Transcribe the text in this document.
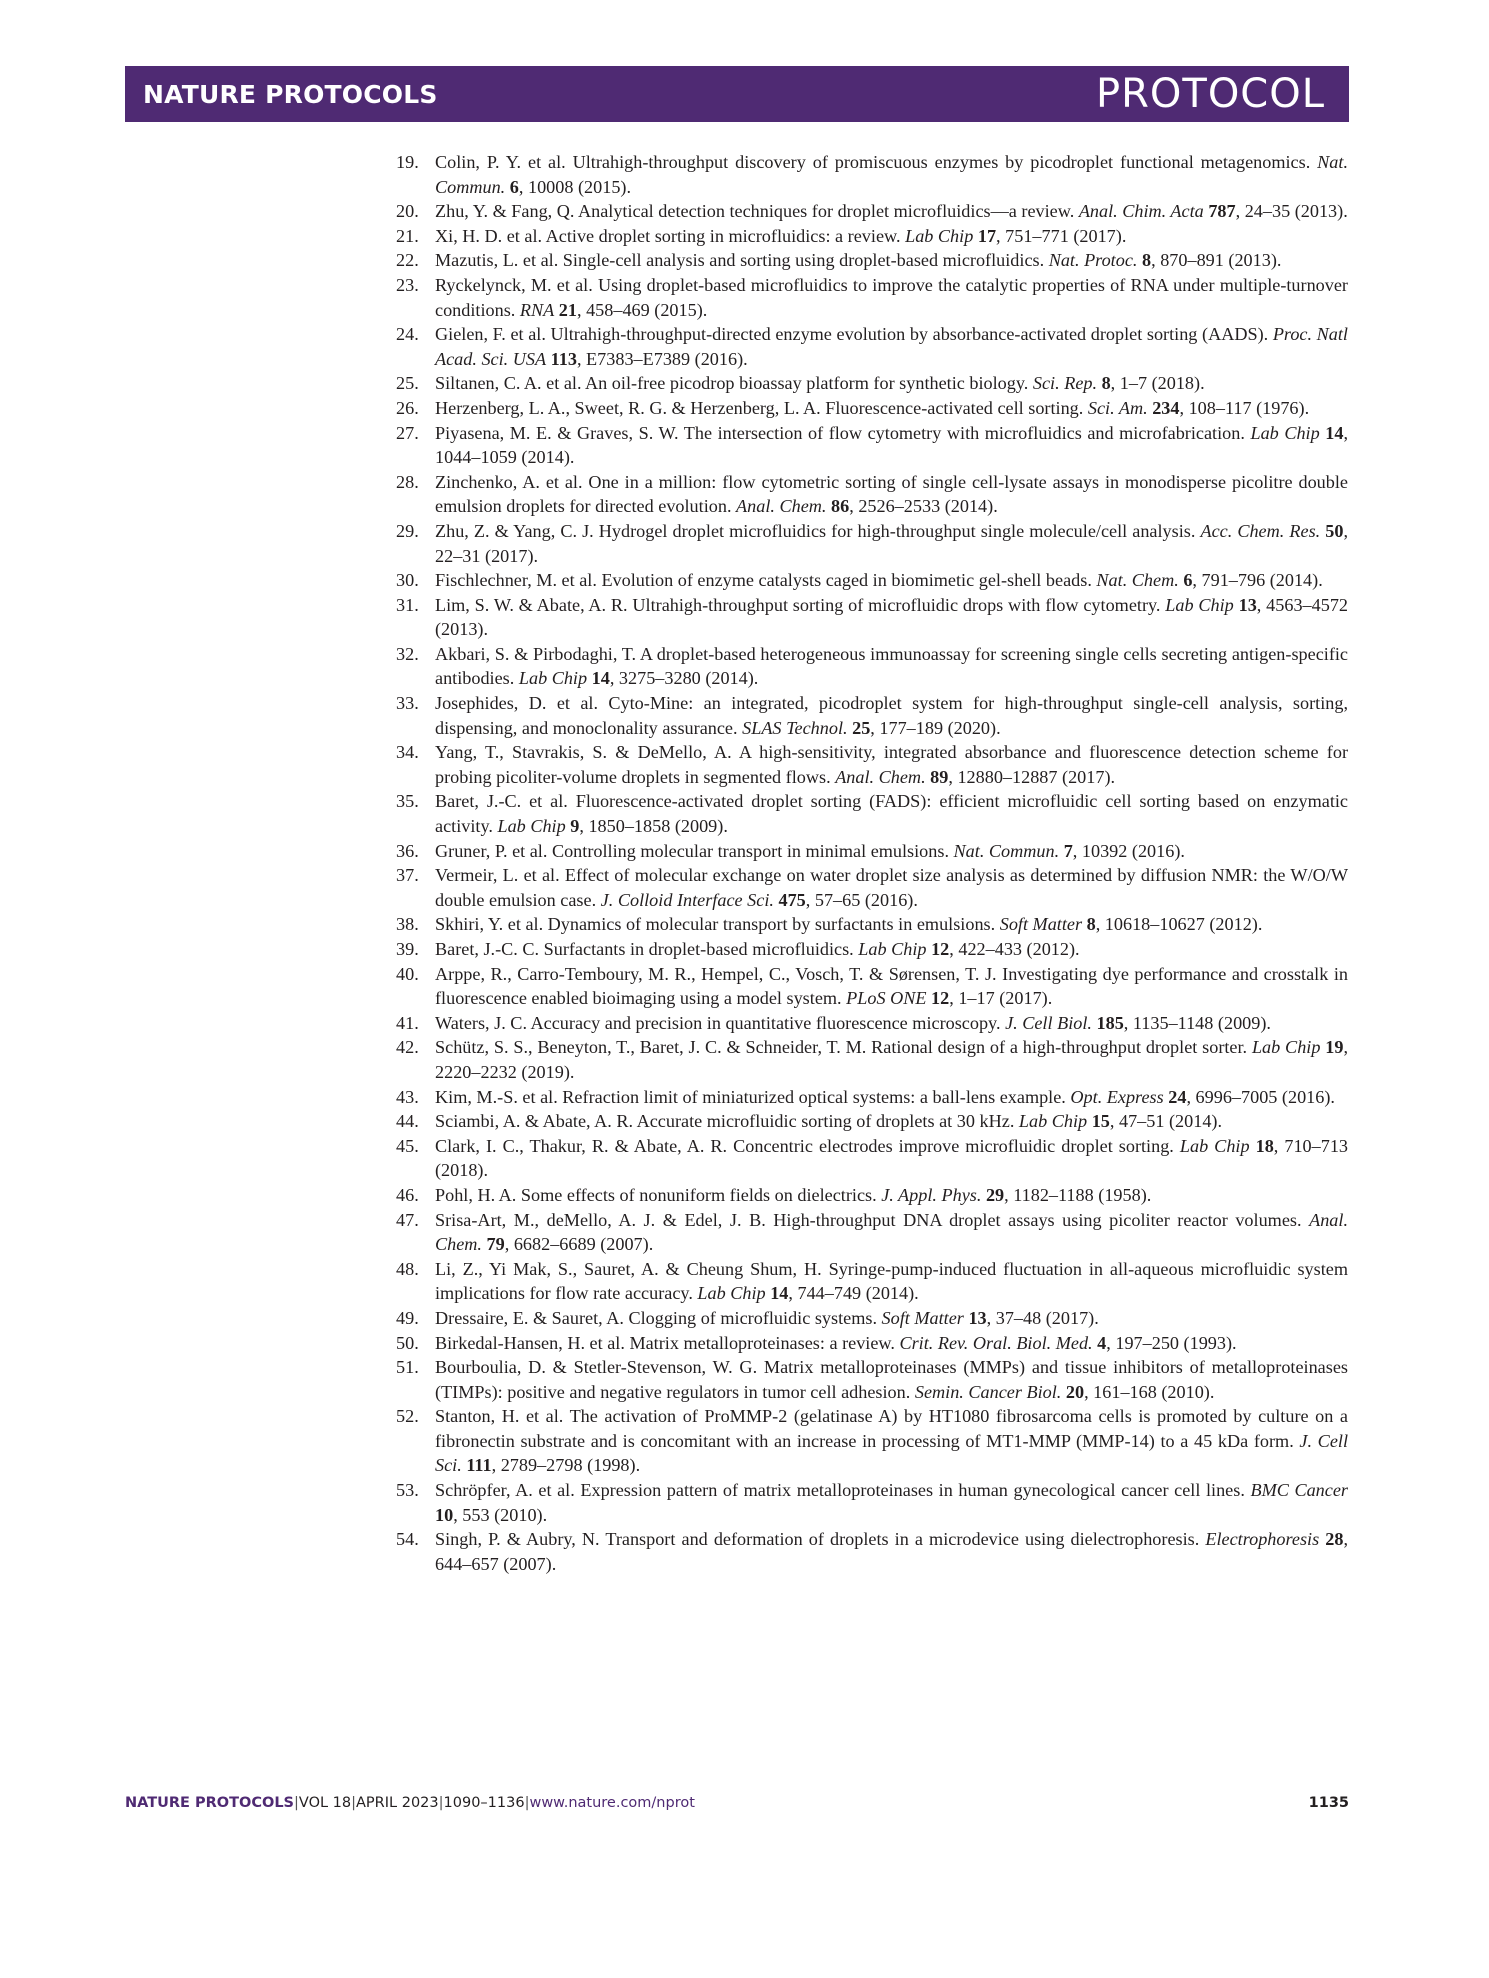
NATURE PROTOCOLS	PROTOCOL
19. Colin, P. Y. et al. Ultrahigh-throughput discovery of promiscuous enzymes by picodroplet functional metagenomics. Nat. Commun. 6, 10008 (2015).
20. Zhu, Y. & Fang, Q. Analytical detection techniques for droplet microfluidics—a review. Anal. Chim. Acta 787, 24–35 (2013).
21. Xi, H. D. et al. Active droplet sorting in microfluidics: a review. Lab Chip 17, 751–771 (2017).
22. Mazutis, L. et al. Single-cell analysis and sorting using droplet-based microfluidics. Nat. Protoc. 8, 870–891 (2013).
23. Ryckelynck, M. et al. Using droplet-based microfluidics to improve the catalytic properties of RNA under multiple-turnover conditions. RNA 21, 458–469 (2015).
24. Gielen, F. et al. Ultrahigh-throughput-directed enzyme evolution by absorbance-activated droplet sorting (AADS). Proc. Natl Acad. Sci. USA 113, E7383–E7389 (2016).
25. Siltanen, C. A. et al. An oil-free picodrop bioassay platform for synthetic biology. Sci. Rep. 8, 1–7 (2018).
26. Herzenberg, L. A., Sweet, R. G. & Herzenberg, L. A. Fluorescence-activated cell sorting. Sci. Am. 234, 108–117 (1976).
27. Piyasena, M. E. & Graves, S. W. The intersection of flow cytometry with microfluidics and microfabrication. Lab Chip 14, 1044–1059 (2014).
28. Zinchenko, A. et al. One in a million: flow cytometric sorting of single cell-lysate assays in monodisperse picolitre double emulsion droplets for directed evolution. Anal. Chem. 86, 2526–2533 (2014).
29. Zhu, Z. & Yang, C. J. Hydrogel droplet microfluidics for high-throughput single molecule/cell analysis. Acc. Chem. Res. 50, 22–31 (2017).
30. Fischlechner, M. et al. Evolution of enzyme catalysts caged in biomimetic gel-shell beads. Nat. Chem. 6, 791–796 (2014).
31. Lim, S. W. & Abate, A. R. Ultrahigh-throughput sorting of microfluidic drops with flow cytometry. Lab Chip 13, 4563–4572 (2013).
32. Akbari, S. & Pirbodaghi, T. A droplet-based heterogeneous immunoassay for screening single cells secreting antigen-specific antibodies. Lab Chip 14, 3275–3280 (2014).
33. Josephides, D. et al. Cyto-Mine: an integrated, picodroplet system for high-throughput single-cell analysis, sorting, dispensing, and monoclonality assurance. SLAS Technol. 25, 177–189 (2020).
34. Yang, T., Stavrakis, S. & DeMello, A. A high-sensitivity, integrated absorbance and fluorescence detection scheme for probing picoliter-volume droplets in segmented flows. Anal. Chem. 89, 12880–12887 (2017).
35. Baret, J.-C. et al. Fluorescence-activated droplet sorting (FADS): efficient microfluidic cell sorting based on enzymatic activity. Lab Chip 9, 1850–1858 (2009).
36. Gruner, P. et al. Controlling molecular transport in minimal emulsions. Nat. Commun. 7, 10392 (2016).
37. Vermeir, L. et al. Effect of molecular exchange on water droplet size analysis as determined by diffusion NMR: the W/O/W double emulsion case. J. Colloid Interface Sci. 475, 57–65 (2016).
38. Skhiri, Y. et al. Dynamics of molecular transport by surfactants in emulsions. Soft Matter 8, 10618–10627 (2012).
39. Baret, J.-C. C. Surfactants in droplet-based microfluidics. Lab Chip 12, 422–433 (2012).
40. Arppe, R., Carro-Temboury, M. R., Hempel, C., Vosch, T. & Sørensen, T. J. Investigating dye performance and crosstalk in fluorescence enabled bioimaging using a model system. PLoS ONE 12, 1–17 (2017).
41. Waters, J. C. Accuracy and precision in quantitative fluorescence microscopy. J. Cell Biol. 185, 1135–1148 (2009).
42. Schütz, S. S., Beneyton, T., Baret, J. C. & Schneider, T. M. Rational design of a high-throughput droplet sorter. Lab Chip 19, 2220–2232 (2019).
43. Kim, M.-S. et al. Refraction limit of miniaturized optical systems: a ball-lens example. Opt. Express 24, 6996–7005 (2016).
44. Sciambi, A. & Abate, A. R. Accurate microfluidic sorting of droplets at 30 kHz. Lab Chip 15, 47–51 (2014).
45. Clark, I. C., Thakur, R. & Abate, A. R. Concentric electrodes improve microfluidic droplet sorting. Lab Chip 18, 710–713 (2018).
46. Pohl, H. A. Some effects of nonuniform fields on dielectrics. J. Appl. Phys. 29, 1182–1188 (1958).
47. Srisa-Art, M., deMello, A. J. & Edel, J. B. High-throughput DNA droplet assays using picoliter reactor volumes. Anal. Chem. 79, 6682–6689 (2007).
48. Li, Z., Yi Mak, S., Sauret, A. & Cheung Shum, H. Syringe-pump-induced fluctuation in all-aqueous microfluidic system implications for flow rate accuracy. Lab Chip 14, 744–749 (2014).
49. Dressaire, E. & Sauret, A. Clogging of microfluidic systems. Soft Matter 13, 37–48 (2017).
50. Birkedal-Hansen, H. et al. Matrix metalloproteinases: a review. Crit. Rev. Oral. Biol. Med. 4, 197–250 (1993).
51. Bourboulia, D. & Stetler-Stevenson, W. G. Matrix metalloproteinases (MMPs) and tissue inhibitors of metalloproteinases (TIMPs): positive and negative regulators in tumor cell adhesion. Semin. Cancer Biol. 20, 161–168 (2010).
52. Stanton, H. et al. The activation of ProMMP-2 (gelatinase A) by HT1080 fibrosarcoma cells is promoted by culture on a fibronectin substrate and is concomitant with an increase in processing of MT1-MMP (MMP-14) to a 45 kDa form. J. Cell Sci. 111, 2789–2798 (1998).
53. Schröpfer, A. et al. Expression pattern of matrix metalloproteinases in human gynecological cancer cell lines. BMC Cancer 10, 553 (2010).
54. Singh, P. & Aubry, N. Transport and deformation of droplets in a microdevice using dielectrophoresis. Electrophoresis 28, 644–657 (2007).
NATURE PROTOCOLS|VOL 18|APRIL 2023|1090–1136|www.nature.com/nprot	1135
